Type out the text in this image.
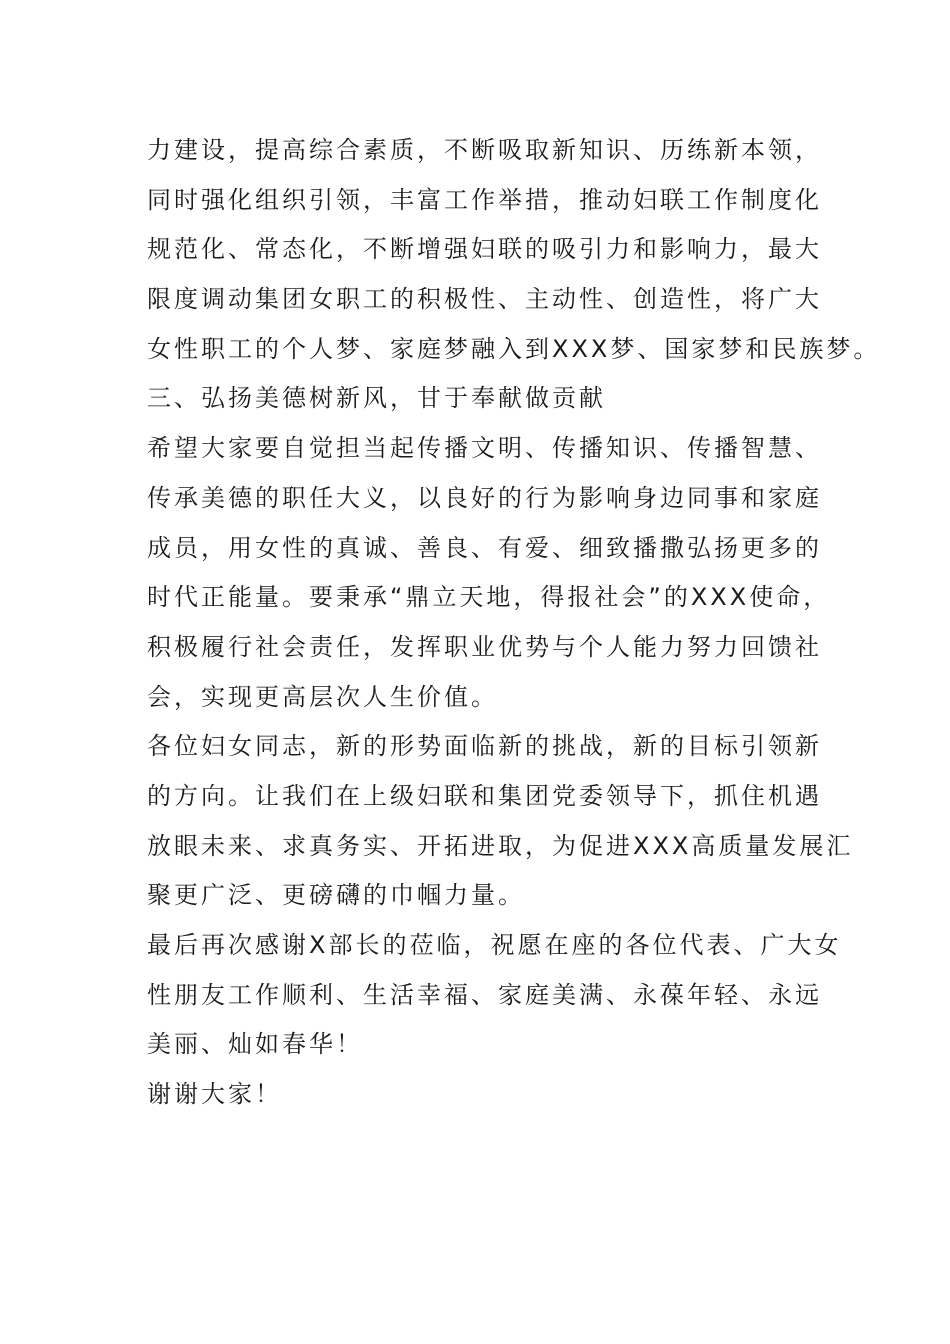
力建设，提高综合素质，不断吸取新知识、历练新本领，
同时强化组织引领，丰富工作举措，推动妇联工作制度化
规范化、常态化，不断增强妇联的吸引力和影响力，最大
限度调动集团女职工的积极性、主动性、创造性，将广大
女性职工的个人梦、家庭梦融入到XXX梦、国家梦和民族梦。
三、弘扬美德树新风，甘于奉献做贡献
希望大家要自觉担当起传播文明、传播知识、传播智慧、
传承美德的职任大义，以良好的行为影响身边同事和家庭
成员，用女性的真诚、善良、有爱、细致播撒弘扬更多的
时代正能量。要秉承“鼎立天地，得报社会”的XXX使命，
积极履行社会责任，发挥职业优势与个人能力努力回馈社
会，实现更高层次人生价值。
各位妇女同志，新的形势面临新的挑战，新的目标引领新
的方向。让我们在上级妇联和集团党委领导下，抓住机遇
放眼未来、求真务实、开拓进取，为促进XXX高质量发展汇
聚更广泛、更磅礴的巾帼力量。
最后再次感谢X部长的莅临，祝愿在座的各位代表、广大女
性朋友工作顺利、生活幸福、家庭美满、永葆年轻、永远
美丽、灿如春华！
谢谢大家！
